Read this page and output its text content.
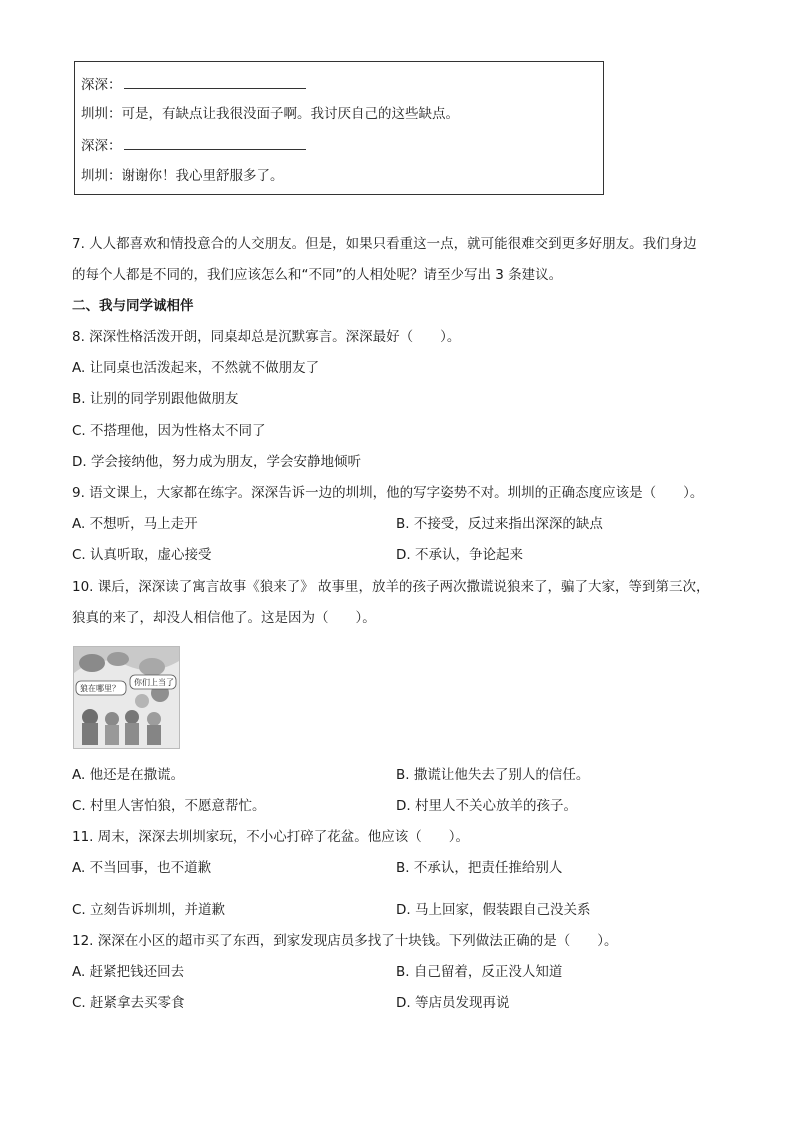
深深：
圳圳：可是，有缺点让我很没面子啊。我讨厌自己的这些缺点。
深深：
圳圳：谢谢你！我心里舒服多了。
7. 人人都喜欢和情投意合的人交朋友。但是，如果只看重这一点，就可能很难交到更多好朋友。我们身边
的每个人都是不同的，我们应该怎么和“不同”的人相处呢？请至少写出 3 条建议。
二、我与同学诚相伴
8. 深深性格活泼开朗，同桌却总是沉默寡言。深深最好（　　）。
A. 让同桌也活泼起来，不然就不做朋友了
B. 让别的同学别跟他做朋友
C. 不搭理他，因为性格太不同了
D. 学会接纳他，努力成为朋友，学会安静地倾听
9. 语文课上，大家都在练字。深深告诉一边的圳圳，他的写字姿势不对。圳圳的正确态度应该是（　　）。
A. 不想听，马上走开	B. 不接受，反过来指出深深的缺点
C. 认真听取，虚心接受	D. 不承认，争论起来
10. 课后，深深读了寓言故事《狼来了》 故事里，放羊的孩子两次撒谎说狼来了，骗了大家，等到第三次，
狼真的来了，却没人相信他了。这是因为（　　）。
狼在哪里？
你们上当了
A. 他还是在撒谎。	B. 撒谎让他失去了别人的信任。
C. 村里人害怕狼，不愿意帮忙。	D. 村里人不关心放羊的孩子。
11. 周末，深深去圳圳家玩，不小心打碎了花盆。他应该（　　）。
A. 不当回事，也不道歉	B. 不承认，把责任推给别人
C. 立刻告诉圳圳，并道歉	D. 马上回家，假装跟自己没关系
12. 深深在小区的超市买了东西，到家发现店员多找了十块钱。下列做法正确的是（　　）。
A. 赶紧把钱还回去	B. 自己留着，反正没人知道
C. 赶紧拿去买零食	D. 等店员发现再说
